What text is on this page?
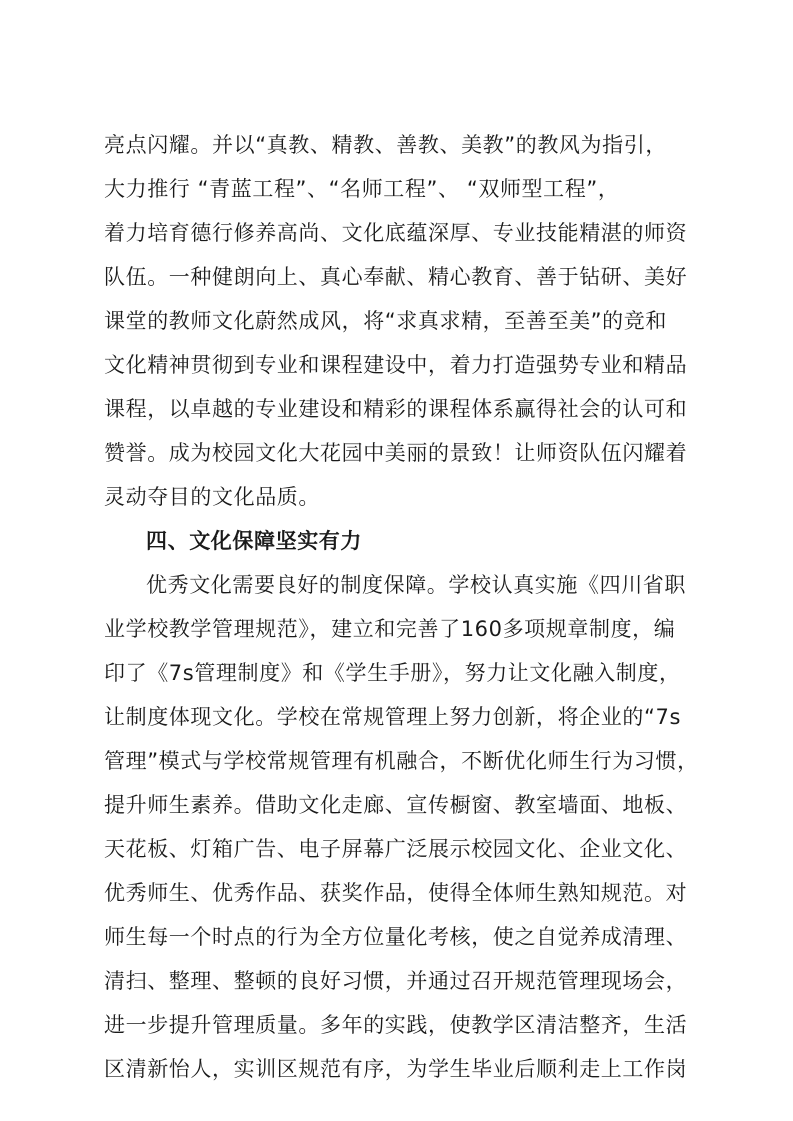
亮点闪耀。并以“真教、精教、善教、美教”的教风为指引，
大力推行 “青蓝工程”、“名师工程”、 “双师型工程”，
着力培育德行修养高尚、文化底蕴深厚、专业技能精湛的师资
队伍。一种健朗向上、真心奉献、精心教育、善于钻研、美好
课堂的教师文化蔚然成风，将“求真求精，至善至美”的竞和
文化精神贯彻到专业和课程建设中，着力打造强势专业和精品
课程，以卓越的专业建设和精彩的课程体系赢得社会的认可和
赞誉。成为校园文化大花园中美丽的景致！让师资队伍闪耀着
灵动夺目的文化品质。
四、文化保障坚实有力
优秀文化需要良好的制度保障。学校认真实施《四川省职
业学校教学管理规范》，建立和完善了160多项规章制度，编
印了《7s管理制度》和《学生手册》，努力让文化融入制度，
让制度体现文化。学校在常规管理上努力创新，将企业的“7s
管理”模式与学校常规管理有机融合，不断优化师生行为习惯，
提升师生素养。借助文化走廊、宣传橱窗、教室墙面、地板、
天花板、灯箱广告、电子屏幕广泛展示校园文化、企业文化、
优秀师生、优秀作品、获奖作品，使得全体师生熟知规范。对
师生每一个时点的行为全方位量化考核，使之自觉养成清理、
清扫、整理、整顿的良好习惯，并通过召开规范管理现场会，
进一步提升管理质量。多年的实践，使教学区清洁整齐，生活
区清新怡人，实训区规范有序，为学生毕业后顺利走上工作岗
